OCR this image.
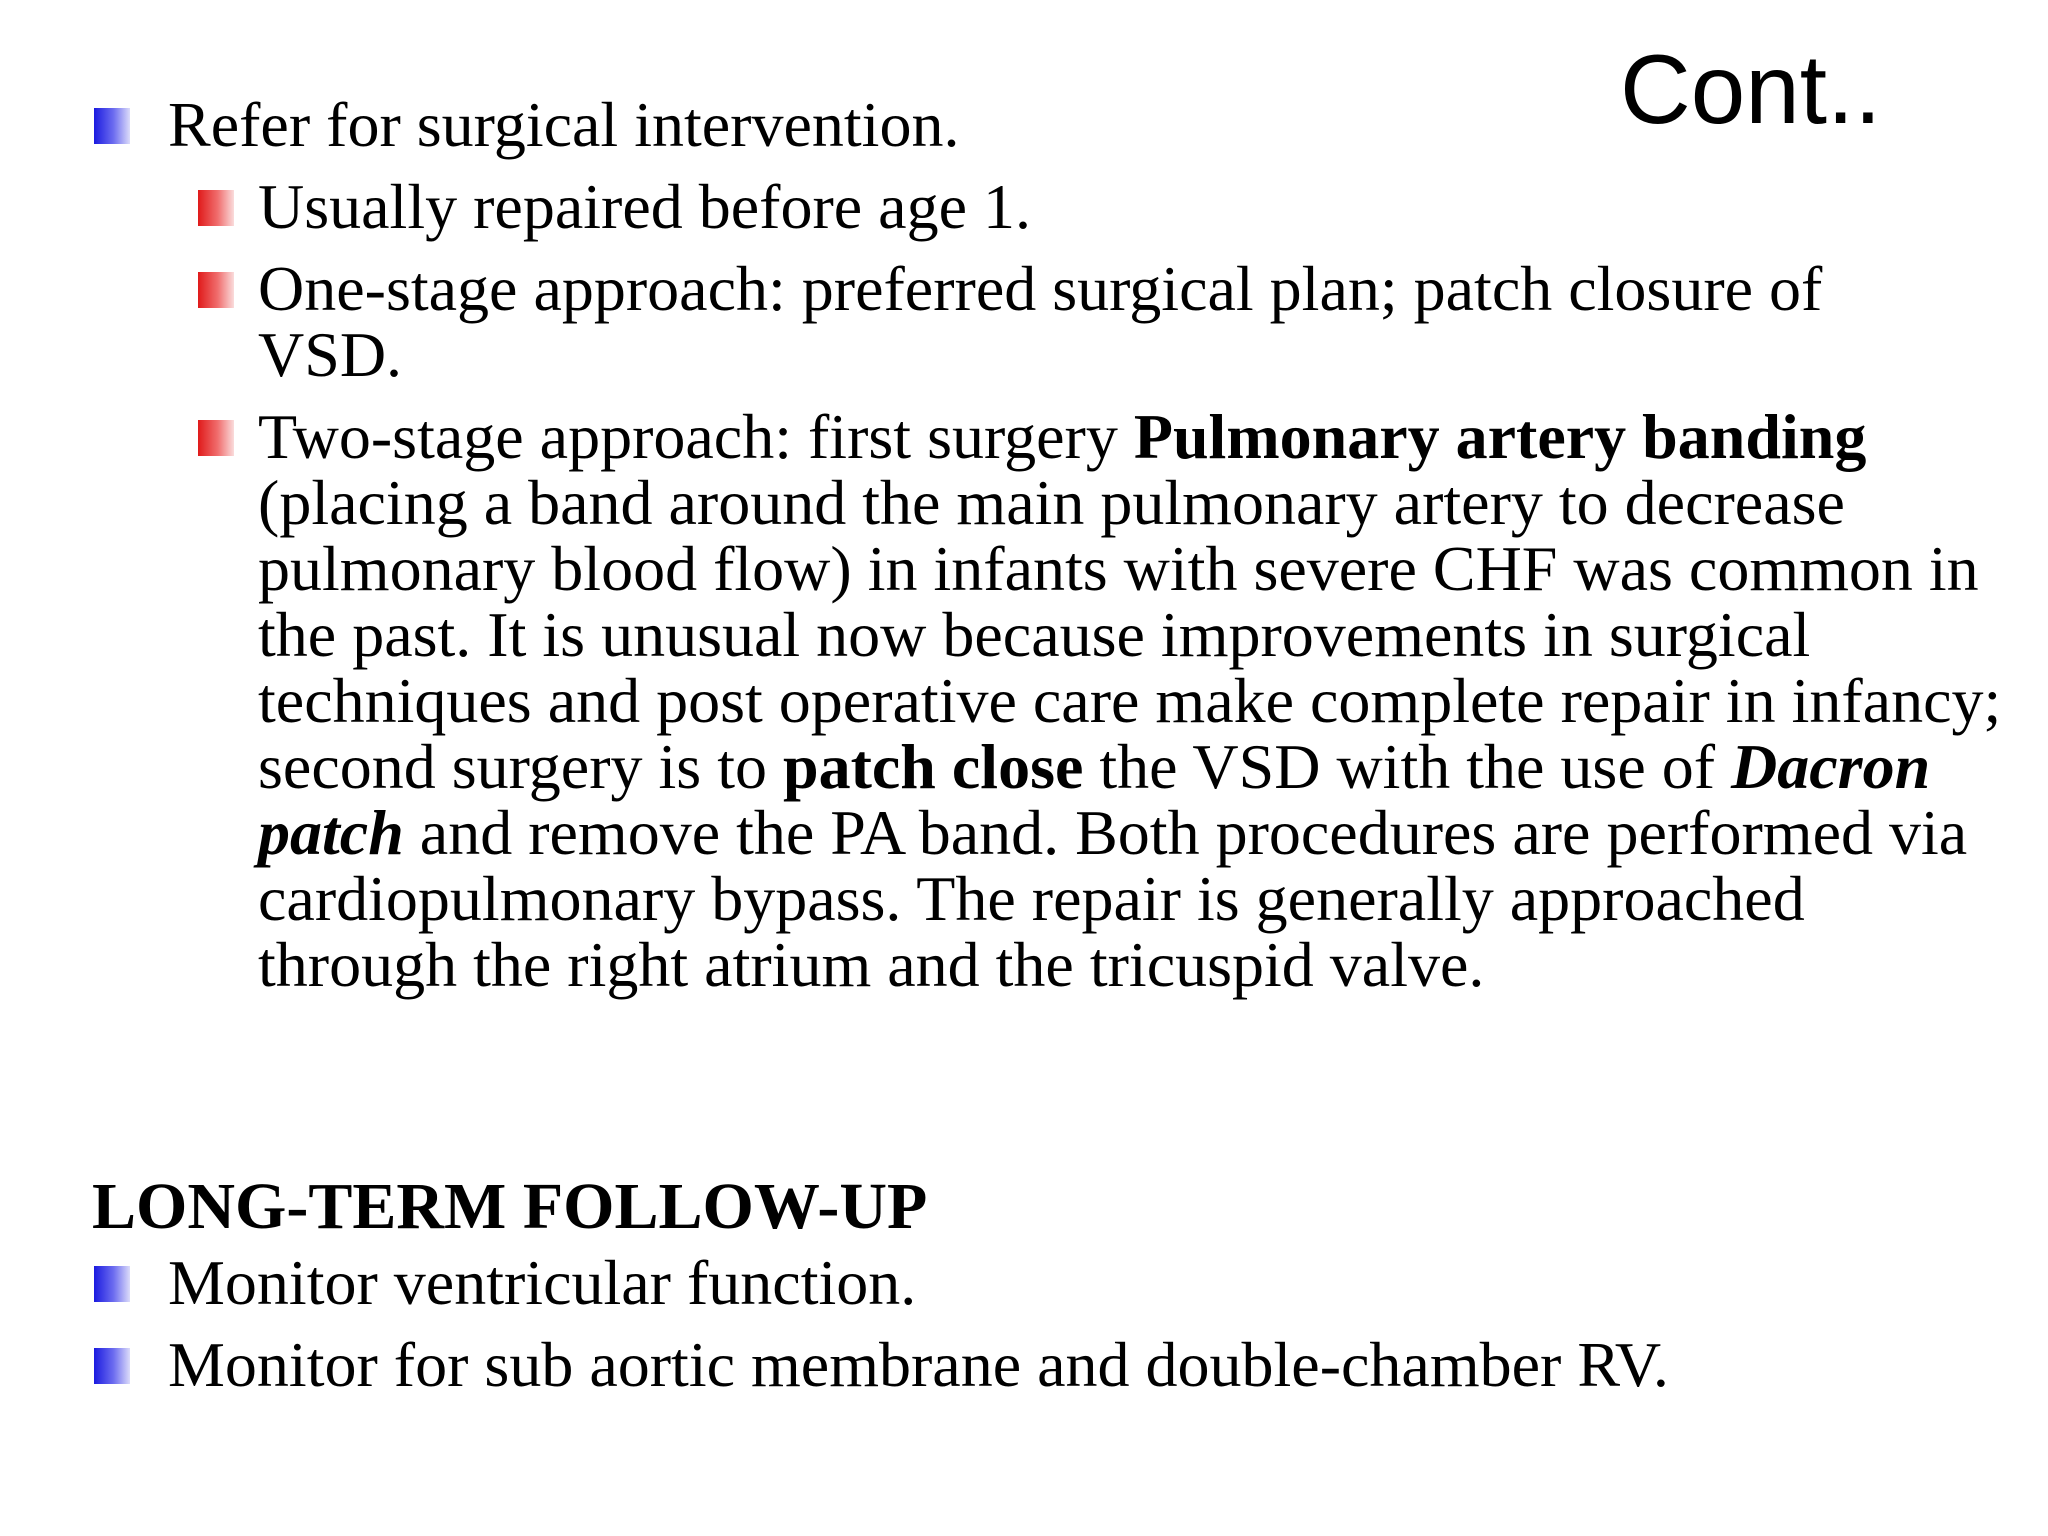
Cont..

Refer for surgical intervention.

Usually repaired before age 1.

One-stage approach: preferred surgical plan; patch closure of VSD.

Two-stage approach: first surgery Pulmonary artery banding (placing a band around the main pulmonary artery to decrease pulmonary blood flow) in infants with severe CHF was common in the past. It is unusual now because improvements in surgical techniques and post operative care make complete repair in infancy; second surgery is to patch close the VSD with the use of Dacron patch and remove the PA band. Both procedures are performed via cardiopulmonary bypass. The repair is generally approached through the right atrium and the tricuspid valve.

LONG-TERM FOLLOW-UP

Monitor ventricular function.

Monitor for sub aortic membrane and double-chamber RV.
